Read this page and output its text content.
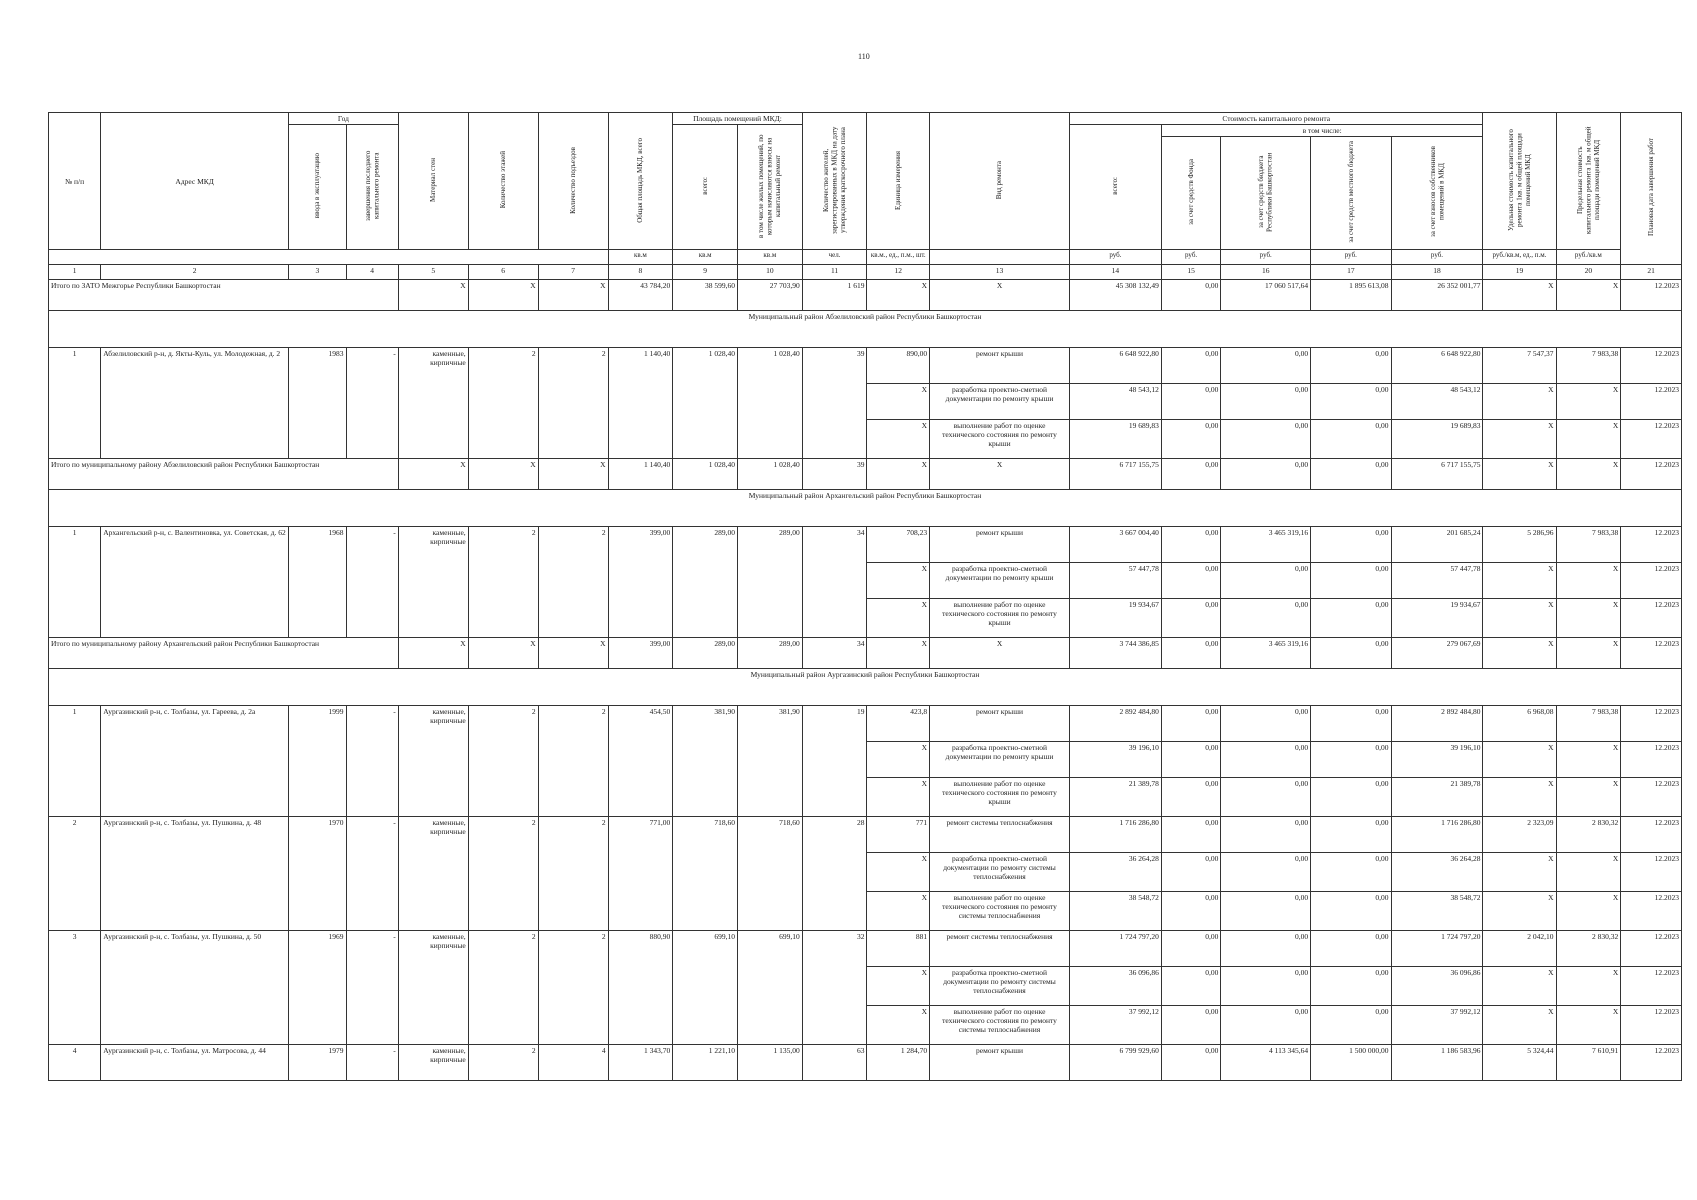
110
№ п/п	Адрес МКД	Год		Материал стен	Количество этажей	Количество подъездов	Общая площадь МКД, всего	Площадь помещений МКД:		Количество жителей, зарегистрированных в МКД на дату утверждения краткосрочного плана	Единица измерения	Вид ремонта	Стоимость капитального ремонта					Удельная стоимость капитального ремонта 1кв. м общей площади помещений МКД	Предельная стоимость капитального ремонта 1кв. м общей площади помещений МКД	Плановая дата завершения работ
		ввода в эксплуатацию	завершения последнего капитального ремонта					всего:	в том числе жилых помещений, по которым начисляются взносы на капитальный ремонт				всего:	в том числе:						
														за счет средств Фонда	за счет средств бюджета Республики Башкортостан	за счет средств местного бюджета	за счет взносов собственников помещений в МКД			
							кв.м	кв.м	кв.м	чел.	кв.м., ед., п.м., шт.		руб.	руб.	руб.	руб.	руб.	руб./кв.м, ед., п.м.	руб./кв.м	
1	2	3	4	5	6	7	8	9	10	11	12	13	14	15	16	17	18	19	20	21
Итого по ЗАТО Межгорье Республики Башкортостан				X	X	X	43 784,20	38 599,60	27 703,90	1 619	X	X	45 308 132,49	0,00	17 060 517,64	1 895 613,08	26 352 001,77	X	X	12.2023
Муниципальный район Абзелиловский район Республики Башкортостан																				
1	Абзелиловский р-н, д. Якты-Куль, ул. Молодежная, д. 2	1983	-	каменные, кирпичные	2	2	1 140,40	1 028,40	1 028,40	39	890,00	ремонт крыши	6 648 922,80	0,00	0,00	0,00	6 648 922,80	7 547,37	7 983,38	12.2023
											X	разработка проектно-сметной документации по ремонту крыши	48 543,12	0,00	0,00	0,00	48 543,12	X	X	12.2023
											X	выполнение работ по оценке технического состояния по ремонту крыши	19 689,83	0,00	0,00	0,00	19 689,83	X	X	12.2023
Итого по муниципальному району Абзелиловский район Республики Башкортостан				X	X	X	1 140,40	1 028,40	1 028,40	39	X	X	6 717 155,75	0,00	0,00	0,00	6 717 155,75	X	X	12.2023
Муниципальный район Архангельский район Республики Башкортостан																				
1	Архангельский р-н, с. Валентиновка, ул. Советская, д. 62	1968	-	каменные, кирпичные	2	2	399,00	289,00	289,00	34	708,23	ремонт крыши	3 667 004,40	0,00	3 465 319,16	0,00	201 685,24	5 286,96	7 983,38	12.2023
											X	разработка проектно-сметной документации по ремонту крыши	57 447,78	0,00	0,00	0,00	57 447,78	X	X	12.2023
											X	выполнение работ по оценке технического состояния по ремонту крыши	19 934,67	0,00	0,00	0,00	19 934,67	X	X	12.2023
Итого по муниципальному району Архангельский район Республики Башкортостан				X	X	X	399,00	289,00	289,00	34	X	X	3 744 386,85	0,00	3 465 319,16	0,00	279 067,69	X	X	12.2023
Муниципальный район Аургазинский район Республики Башкортостан																				
1	Аургазинский р-н, с. Толбазы, ул. Гареева, д. 2а	1999	-	каменные, кирпичные	2	2	454,50	381,90	381,90	19	423,8	ремонт крыши	2 892 484,80	0,00	0,00	0,00	2 892 484,80	6 968,08	7 983,38	12.2023
											X	разработка проектно-сметной документации по ремонту крыши	39 196,10	0,00	0,00	0,00	39 196,10	X	X	12.2023
											X	выполнение работ по оценке технического состояния по ремонту крыши	21 389,78	0,00	0,00	0,00	21 389,78	X	X	12.2023
2	Аургазинский р-н, с. Толбазы, ул. Пушкина, д. 48	1970	-	каменные, кирпичные	2	2	771,00	718,60	718,60	28	771	ремонт системы теплоснабжения	1 716 286,80	0,00	0,00	0,00	1 716 286,80	2 323,09	2 830,32	12.2023
											X	разработка проектно-сметной документации по ремонту системы теплоснабжения	36 264,28	0,00	0,00	0,00	36 264,28	X	X	12.2023
											X	выполнение работ по оценке технического состояния по ремонту системы теплоснабжения	38 548,72	0,00	0,00	0,00	38 548,72	X	X	12.2023
3	Аургазинский р-н, с. Толбазы, ул. Пушкина, д. 50	1969	-	каменные, кирпичные	2	2	880,90	699,10	699,10	32	881	ремонт системы теплоснабжения	1 724 797,20	0,00	0,00	0,00	1 724 797,20	2 042,10	2 830,32	12.2023
											X	разработка проектно-сметной документации по ремонту системы теплоснабжения	36 096,86	0,00	0,00	0,00	36 096,86	X	X	12.2023
											X	выполнение работ по оценке технического состояния по ремонту системы теплоснабжения	37 992,12	0,00	0,00	0,00	37 992,12	X	X	12.2023
4	Аургазинский р-н, с. Толбазы, ул. Матросова, д. 44	1979	-	каменные, кирпичные	2	4	1 343,70	1 221,10	1 135,00	63	1 284,70	ремонт крыши	6 799 929,60	0,00	4 113 345,64	1 500 000,00	1 186 583,96	5 324,44	7 610,91	12.2023
